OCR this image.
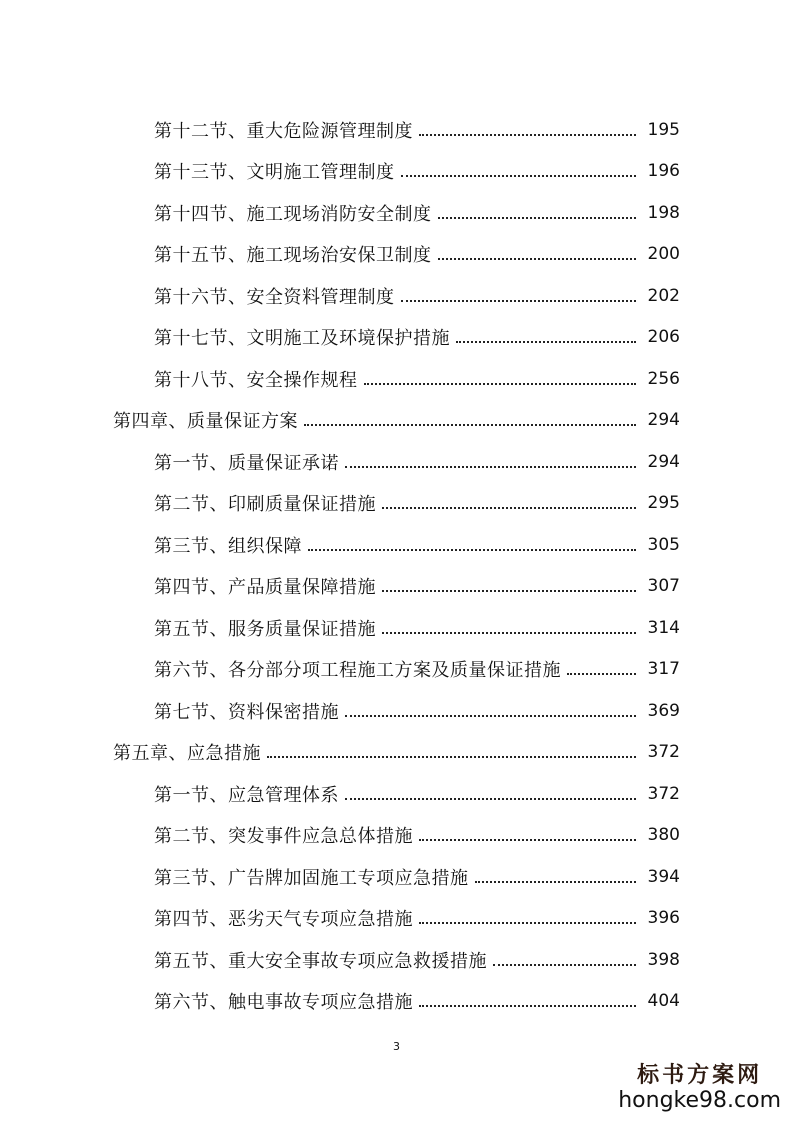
第十二节、重大危险源管理制度	195
第十三节、文明施工管理制度	196
第十四节、施工现场消防安全制度	198
第十五节、施工现场治安保卫制度	200
第十六节、安全资料管理制度	202
第十七节、文明施工及环境保护措施	206
第十八节、安全操作规程	256
第四章、质量保证方案	294
第一节、质量保证承诺	294
第二节、印刷质量保证措施	295
第三节、组织保障	305
第四节、产品质量保障措施	307
第五节、服务质量保证措施	314
第六节、各分部分项工程施工方案及质量保证措施	317
第七节、资料保密措施	369
第五章、应急措施	372
第一节、应急管理体系	372
第二节、突发事件应急总体措施	380
第三节、广告牌加固施工专项应急措施	394
第四节、恶劣天气专项应急措施	396
第五节、重大安全事故专项应急救援措施	398
第六节、触电事故专项应急措施	404
3
标书方案网
hongke98.com
